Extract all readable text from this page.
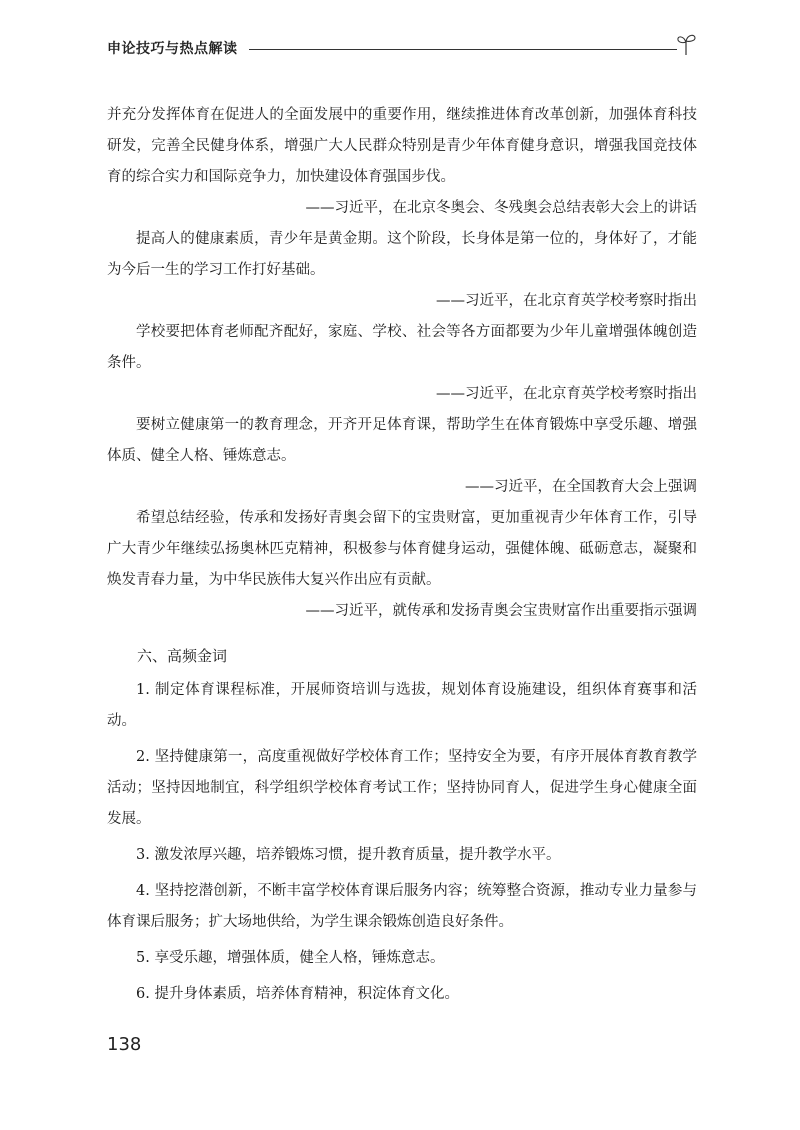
申论技巧与热点解读

并充分发挥体育在促进人的全面发展中的重要作用，继续推进体育改革创新，加强体育科技研发，完善全民健身体系，增强广大人民群众特别是青少年体育健身意识，增强我国竞技体育的综合实力和国际竞争力，加快建设体育强国步伐。

——习近平，在北京冬奥会、冬残奥会总结表彰大会上的讲话

提高人的健康素质，青少年是黄金期。这个阶段，长身体是第一位的，身体好了，才能为今后一生的学习工作打好基础。

——习近平，在北京育英学校考察时指出

学校要把体育老师配齐配好，家庭、学校、社会等各方面都要为少年儿童增强体魄创造条件。

——习近平，在北京育英学校考察时指出

要树立健康第一的教育理念，开齐开足体育课，帮助学生在体育锻炼中享受乐趣、增强体质、健全人格、锤炼意志。

——习近平，在全国教育大会上强调

希望总结经验，传承和发扬好青奥会留下的宝贵财富，更加重视青少年体育工作，引导广大青少年继续弘扬奥林匹克精神，积极参与体育健身运动，强健体魄、砥砺意志，凝聚和焕发青春力量，为中华民族伟大复兴作出应有贡献。

——习近平，就传承和发扬青奥会宝贵财富作出重要指示强调

六、高频金词

1. 制定体育课程标准，开展师资培训与选拔，规划体育设施建设，组织体育赛事和活动。

2. 坚持健康第一，高度重视做好学校体育工作；坚持安全为要，有序开展体育教育教学活动；坚持因地制宜，科学组织学校体育考试工作；坚持协同育人，促进学生身心健康全面发展。

3. 激发浓厚兴趣，培养锻炼习惯，提升教育质量，提升教学水平。

4. 坚持挖潜创新，不断丰富学校体育课后服务内容；统筹整合资源，推动专业力量参与体育课后服务；扩大场地供给，为学生课余锻炼创造良好条件。

5. 享受乐趣，增强体质，健全人格，锤炼意志。

6. 提升身体素质，培养体育精神，积淀体育文化。

138
